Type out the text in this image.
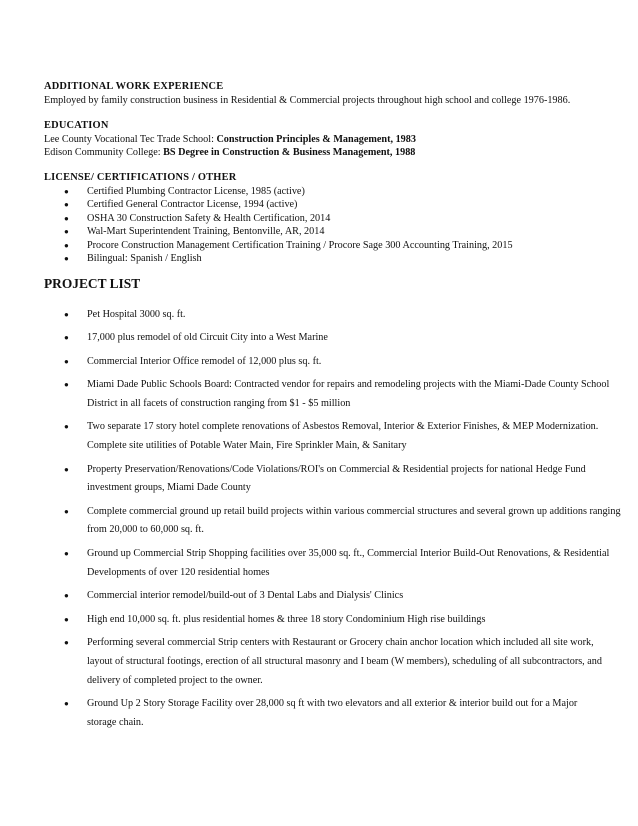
ADDITIONAL WORK EXPERIENCE

Employed by family construction business in Residential & Commercial projects throughout high school and college 1976-1986.

EDUCATION

Lee County Vocational Tec Trade School: Construction Principles & Management, 1983

Edison Community College: BS Degree in Construction & Business Management, 1988

LICENSE/ CERTIFICATIONS / OTHER

● Certified Plumbing Contractor License, 1985 (active)
● Certified General Contractor License, 1994 (active)
● OSHA 30 Construction Safety & Health Certification, 2014
● Wal-Mart Superintendent Training, Bentonville, AR, 2014
● Procore Construction Management Certification Training / Procore Sage 300 Accounting Training, 2015
● Bilingual: Spanish / English

PROJECT LIST

● Pet Hospital 3000 sq. ft.
● 17,000 plus remodel of old Circuit City into a West Marine
● Commercial Interior Office remodel of 12,000 plus sq. ft.
● Miami Dade Public Schools Board: Contracted vendor for repairs and remodeling projects with the Miami-Dade County School
District in all facets of construction ranging from $1 - $5 million
● Two separate 17 story hotel complete renovations of Asbestos Removal, Interior & Exterior Finishes, & MEP Modernization.
Complete site utilities of Potable Water Main, Fire Sprinkler Main, & Sanitary
● Property Preservation/Renovations/Code Violations/ROI's on Commercial & Residential projects for national Hedge Fund
investment groups, Miami Dade County
● Complete commercial ground up retail build projects within various commercial structures and several grown up additions ranging
from 20,000 to 60,000 sq. ft.
● Ground up Commercial Strip Shopping facilities over 35,000 sq. ft., Commercial Interior Build-Out Renovations, & Residential
Developments of over 120 residential homes
● Commercial interior remodel/build-out of 3 Dental Labs and Dialysis' Clinics
● High end 10,000 sq. ft. plus residential homes & three 18 story Condominium High rise buildings
● Performing several commercial Strip centers with Restaurant or Grocery chain anchor location which included all site work,
layout of structural footings, erection of all structural masonry and I beam (W members), scheduling of all subcontractors, and
delivery of completed project to the owner.
● Ground Up 2 Story Storage Facility over 28,000 sq ft with two elevators and all exterior & interior build out for a Major
storage chain.
